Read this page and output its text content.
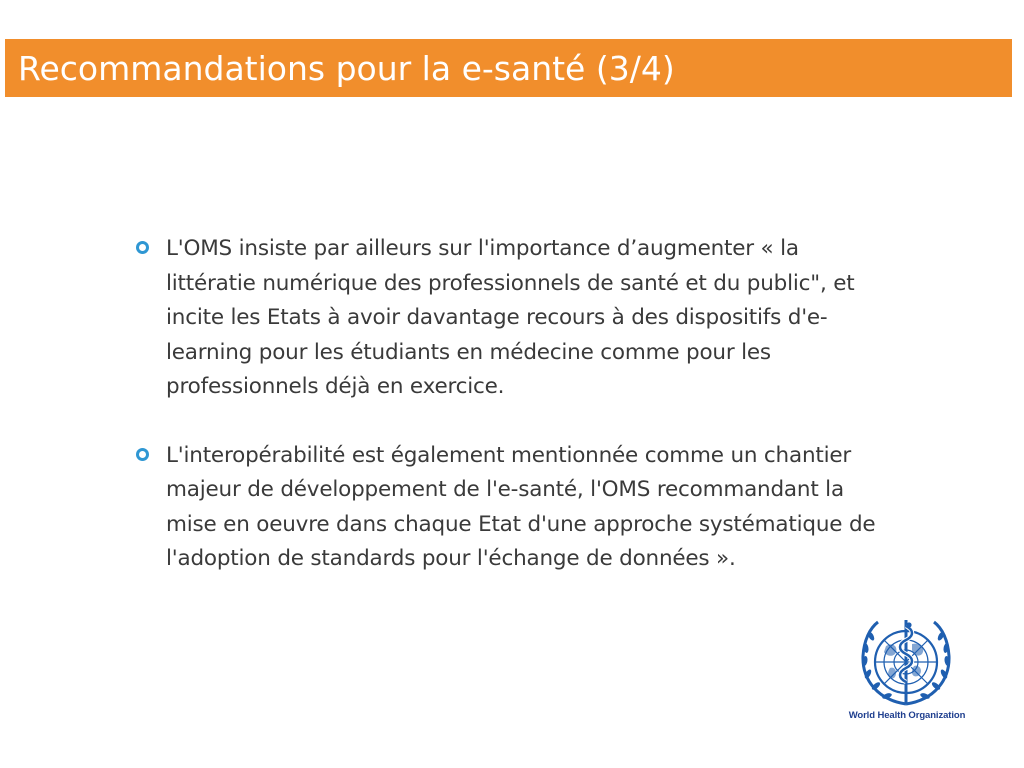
Recommandations pour la e-santé (3/4)
L'OMS insiste par ailleurs sur l'importance d’augmenter « la littératie numérique des professionnels de santé et du public", et incite les Etats à avoir davantage recours à des dispositifs d'e-learning pour les étudiants en médecine comme pour les professionnels déjà en exercice.
L'interopérabilité est également mentionnée comme un chantier majeur de développement de l'e-santé, l'OMS recommandant la mise en oeuvre dans chaque Etat d'une approche systématique de l'adoption de standards pour l'échange de données ».
World Health Organization
